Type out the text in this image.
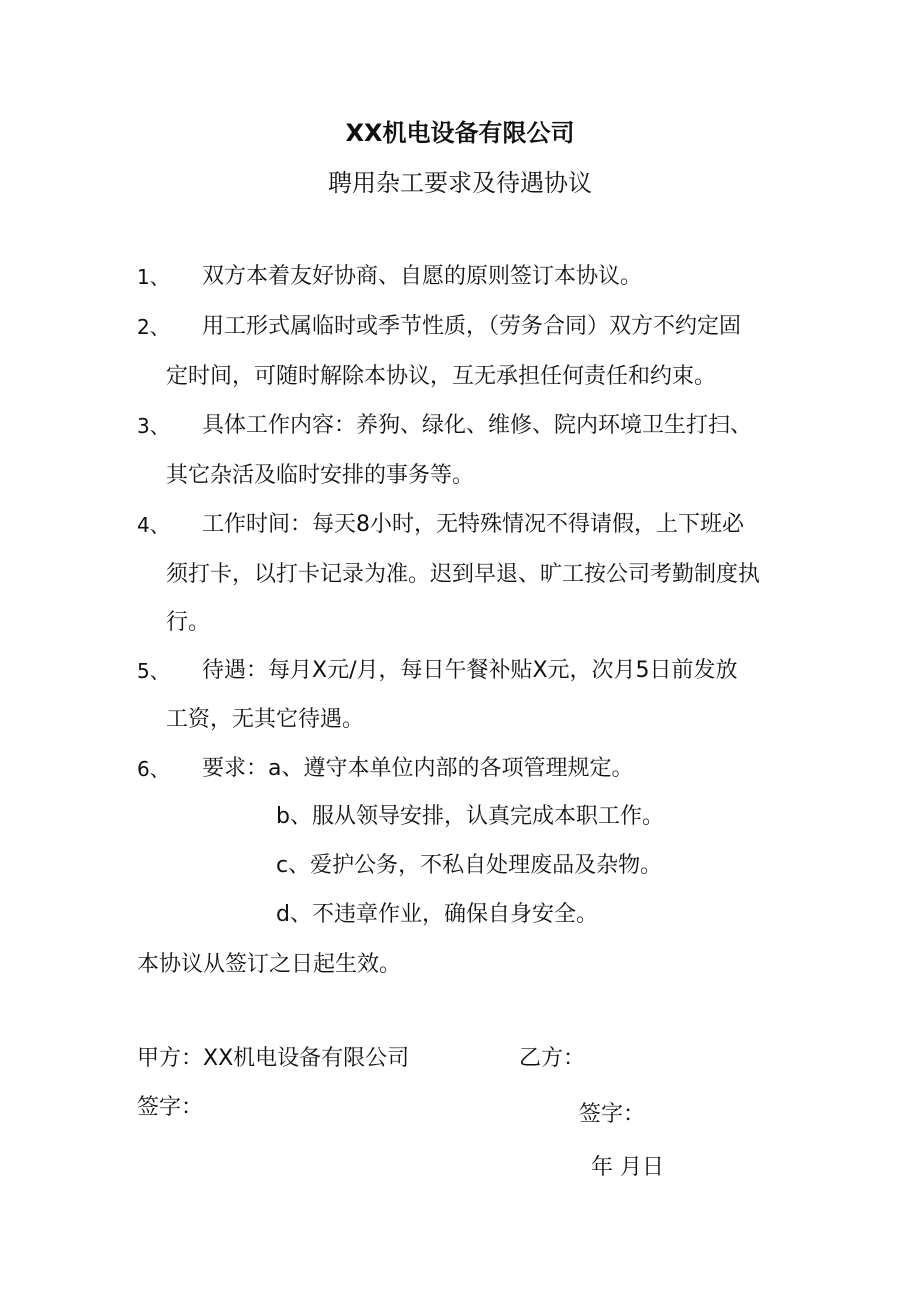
XX机电设备有限公司
聘用杂工要求及待遇协议
1、 双方本着友好协商、自愿的原则签订本协议。
2、 用工形式属临时或季节性质，（劳务合同）双方不约定固
定时间，可随时解除本协议，互无承担任何责任和约束。
3、 具体工作内容：养狗、绿化、维修、院内环境卫生打扫、
其它杂活及临时安排的事务等。
4、 工作时间：每天8小时，无特殊情况不得请假，上下班必
须打卡，以打卡记录为准。迟到早退、旷工按公司考勤制度执
行。
5、 待遇：每月X元/月，每日午餐补贴X元，次月5日前发放
工资，无其它待遇。
6、 要求：a、遵守本单位内部的各项管理规定。
b、服从领导安排，认真完成本职工作。
c、爱护公务，不私自处理废品及杂物。
d、不违章作业，确保自身安全。
本协议从签订之日起生效。
甲方：XX机电设备有限公司	乙方：
签字：	签字：
年 月日
